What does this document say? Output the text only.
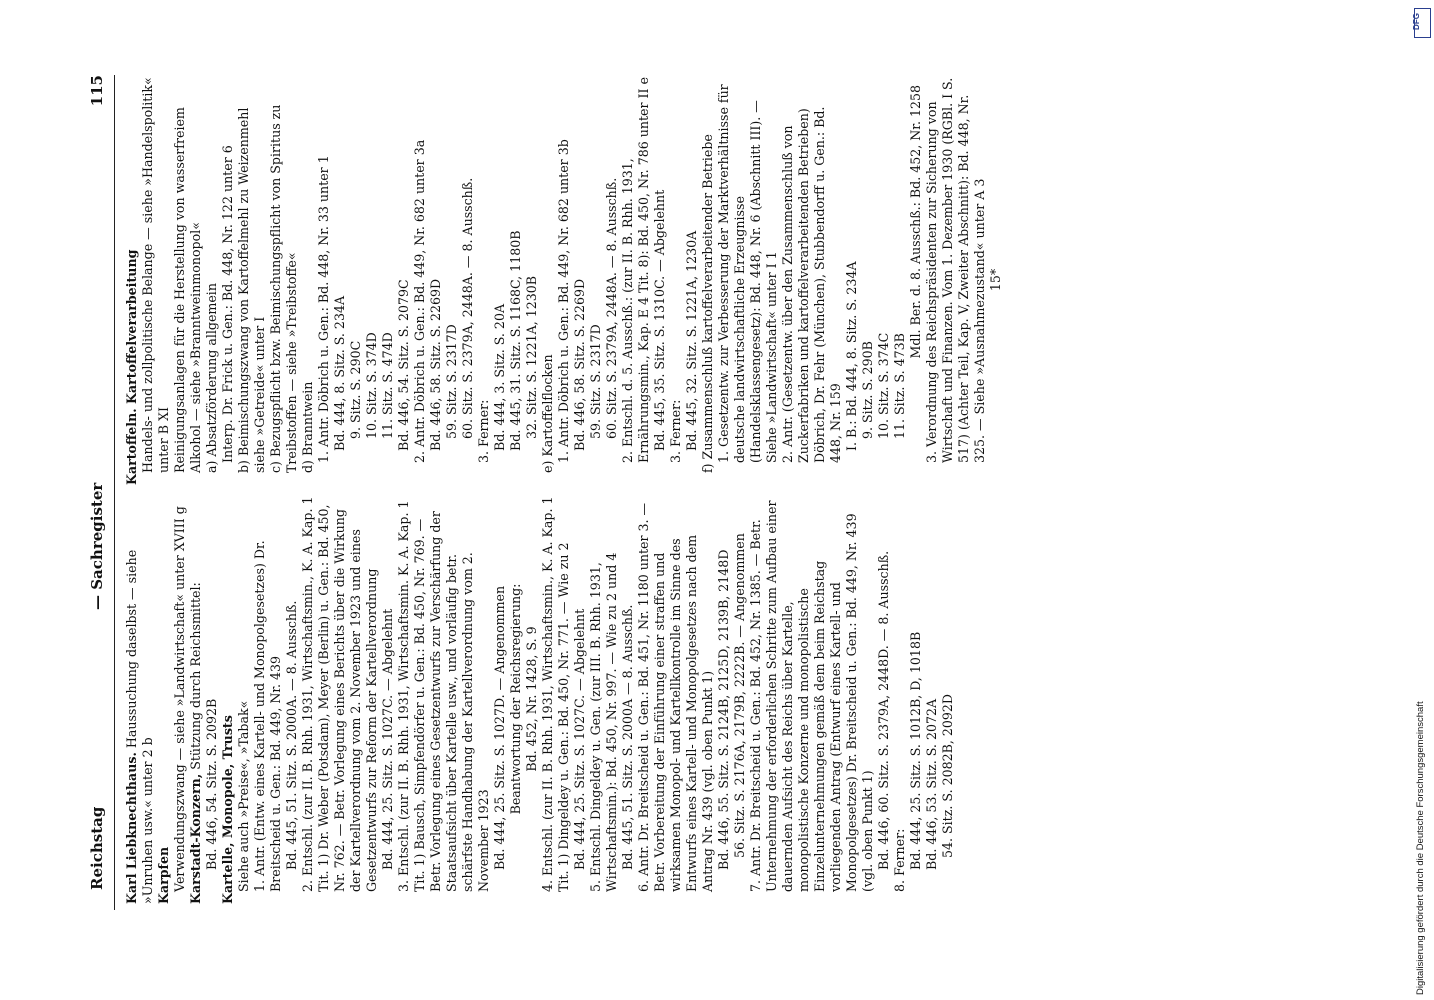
Reichstag
— Sachregister
115

Karl Liebknechthaus. Haussuchung daselbst — siehe »Unruhen usw.« unter 2 b Karpfen Verwendungszwang — siehe »Landwirtschaft« unter XVIII g Karstadt-Konzern, Stützung durch Reichsmittel:

Bd. 446, 54. Sitz. S. 2092B Kartelle, Monopole, Trusts Siehe auch »Preise«, »Tabak« 1. Antr. (Entw. eines Kartell- und Monopolgesetzes) Dr. Breitscheid u. Gen.: Bd. 449, Nr. 439 Bd. 445, 51. Sitz. S. 2000A. — 8. Ausschß. 2. Entschl. (zur II. B. Rhh. 1931, Wirtschaftsmin., K. A. Kap. 1 Tit. 1) Dr. Weber (Potsdam), Meyer (Berlin) u. Gen.: Bd. 450, Nr. 762. — Betr. Vorlegung eines Berichts über die Wirkung der Kartellverordnung vom 2. November 1923 und eines Gesetzentwurfs zur Reform der Kartellverordnung Bd. 444, 25. Sitz. S. 1027C. — Abgelehnt 3. Entschl. (zur II. B. Rhh. 1931, Wirtschaftsmin. K. A. Kap. 1 Tit. 1) Bausch, Simpfendörfer u. Gen.: Bd. 450, Nr. 769. — Betr. Vorlegung eines Gesetzentwurfs zur Verschärfung der Staatsaufsicht über Kartelle usw., und vorläufig betr. schärfste Handhabung der Kartellverordnung vom 2. November 1923 Bd. 444, 25. Sitz. S. 1027D. — Angenommen Beantwortung der Reichsregierung: Bd. 452, Nr. 1428, S. 9 4. Entschl. (zur II. B. Rhh. 1931, Wirtschaftsmin., K. A. Kap. 1 Tit. 1) Dingeldey u. Gen.: Bd. 450, Nr. 771. — Wie zu 2 Bd. 444, 25. Sitz. S. 1027C. — Abgelehnt 5. Entschl. Dingeldey u. Gen. (zur III. B. Rhh. 1931, Wirtschaftsmin.): Bd. 450, Nr. 997. — Wie zu 2 und 4 Bd. 445, 51. Sitz. S. 2000A — 8. Ausschß. 6. Antr. Dr. Breitscheid u. Gen.: Bd. 451, Nr. 1180 unter 3. — Betr. Vorbereitung der Einführung einer straffen und wirksamen Monopol- und Kartellkontrolle im Sinne des Entwurfs eines Kartell- und Monopolgesetzes nach dem Antrag Nr. 439 (vgl. oben Punkt 1) Bd. 446, 55. Sitz. S. 2124B, 2125D, 2139B, 2148D 56. Sitz. S. 2176A, 2179B, 2222B. — Angenommen 7. Antr. Dr. Breitscheid u. Gen.: Bd. 452, Nr. 1385. — Betr. Unternehmung der erforderlichen Schritte zum Aufbau einer dauernden Aufsicht des Reichs über Kartelle, monopolistische Konzerne und monopolistische Einzelunternehmungen gemäß dem beim Reichstag vorliegenden Antrag (Entwurf eines Kartell- und Monopolgesetzes) Dr. Breitscheid u. Gen.: Bd. 449, Nr. 439 (vgl. oben Punkt 1) Bd. 446, 60. Sitz. S. 2379A, 2448D. — 8. Ausschß. 8. Ferner: Bd. 444, 25. Sitz. S. 1012B, D, 1018B Bd. 446, 53. Sitz. S. 2072A 54. Sitz. S. 2082B, 2092D

Kartoffeln. Kartoffelverarbeitung Handels- und zollpolitische Belange — siehe »Handelspolitik« unter B XI Reinigungsanlagen für die Herstellung von wasserfreiem Alkohol — siehe »Branntweinmonopol« a) Absatzförderung allgemein Interp. Dr. Frick u. Gen.: Bd. 448, Nr. 122 unter 6 b) Beimischungszwang von Kartoffelmehl zu Weizenmehl siehe »Getreide« unter I c) Bezugspflicht bzw. Beimischungspflicht von Spiritus zu Treibstoffen — siehe »Treibstoffe« d) Branntwein 1. Antr. Döbrich u. Gen.: Bd. 448, Nr. 33 unter 1 Bd. 444, 8. Sitz. S. 234A 9. Sitz. S. 290C 10. Sitz. S. 374D 11. Sitz. S. 474D Bd. 446, 54. Sitz. S. 2079C 2. Antr. Döbrich u. Gen.: Bd. 449, Nr. 682 unter 3a Bd. 446, 58. Sitz. S. 2269D 59. Sitz. S. 2317D 60. Sitz. S. 2379A, 2448A. — 8. Ausschß. 3. Ferner: Bd. 444, 3. Sitz. S. 20A Bd. 445, 31. Sitz. S. 1168C, 1180B 32. Sitz. S. 1221A, 1230B e) Kartoffelflocken 1. Antr. Döbrich u. Gen.: Bd. 449, Nr. 682 unter 3b Bd. 446, 58. Sitz. S. 2269D 59. Sitz. S. 2317D 60. Sitz. S. 2379A, 2448A. — 8. Ausschß. 2. Entschl. d. 5. Ausschß.: (zur II. B. Rhh. 1931, Ernährungsmin., Kap. E 4 Tit. 8): Bd. 450, Nr. 786 unter II e Bd. 445, 35. Sitz. S. 1310C. — Abgelehnt 3. Ferner: Bd. 445, 32. Sitz. S. 1221A, 1230A f) Zusammenschluß kartoffelverarbeitender Betriebe 1. Gesetzentw. zur Verbesserung der Marktverhältnisse für deutsche landwirtschaftliche Erzeugnisse (Handelsklassengesetz): Bd. 448, Nr. 6 (Abschnitt III). — Siehe »Landwirtschaft« unter I 1 2. Antr. (Gesetzentw. über den Zusammenschluß von Zuckerfabriken und kartoffelverarbeitenden Betrieben) Döbrich, Dr. Fehr (München), Stubbendorff u. Gen.: Bd. 448, Nr. 159 I. B.: Bd. 444, 8. Sitz. S. 234A 9. Sitz. S. 290B 10. Sitz. S. 374C 11. Sitz. S. 473B

Mdl. Ber. d. 8. Ausschß.: Bd. 452, Nr. 1258 3. Verordnung des Reichspräsidenten zur Sicherung von Wirtschaft und Finanzen. Vom 1. Dezember 1930 (RGBl. I S. 517) (Achter Teil, Kap. V, Zweiter Abschnitt): Bd. 448, Nr. 325. — Siehe »Ausnahmezustand« unter A 3 15*

DFG
Digitalisierung gefördert durch die Deutsche Forschungsgemeinschaft
